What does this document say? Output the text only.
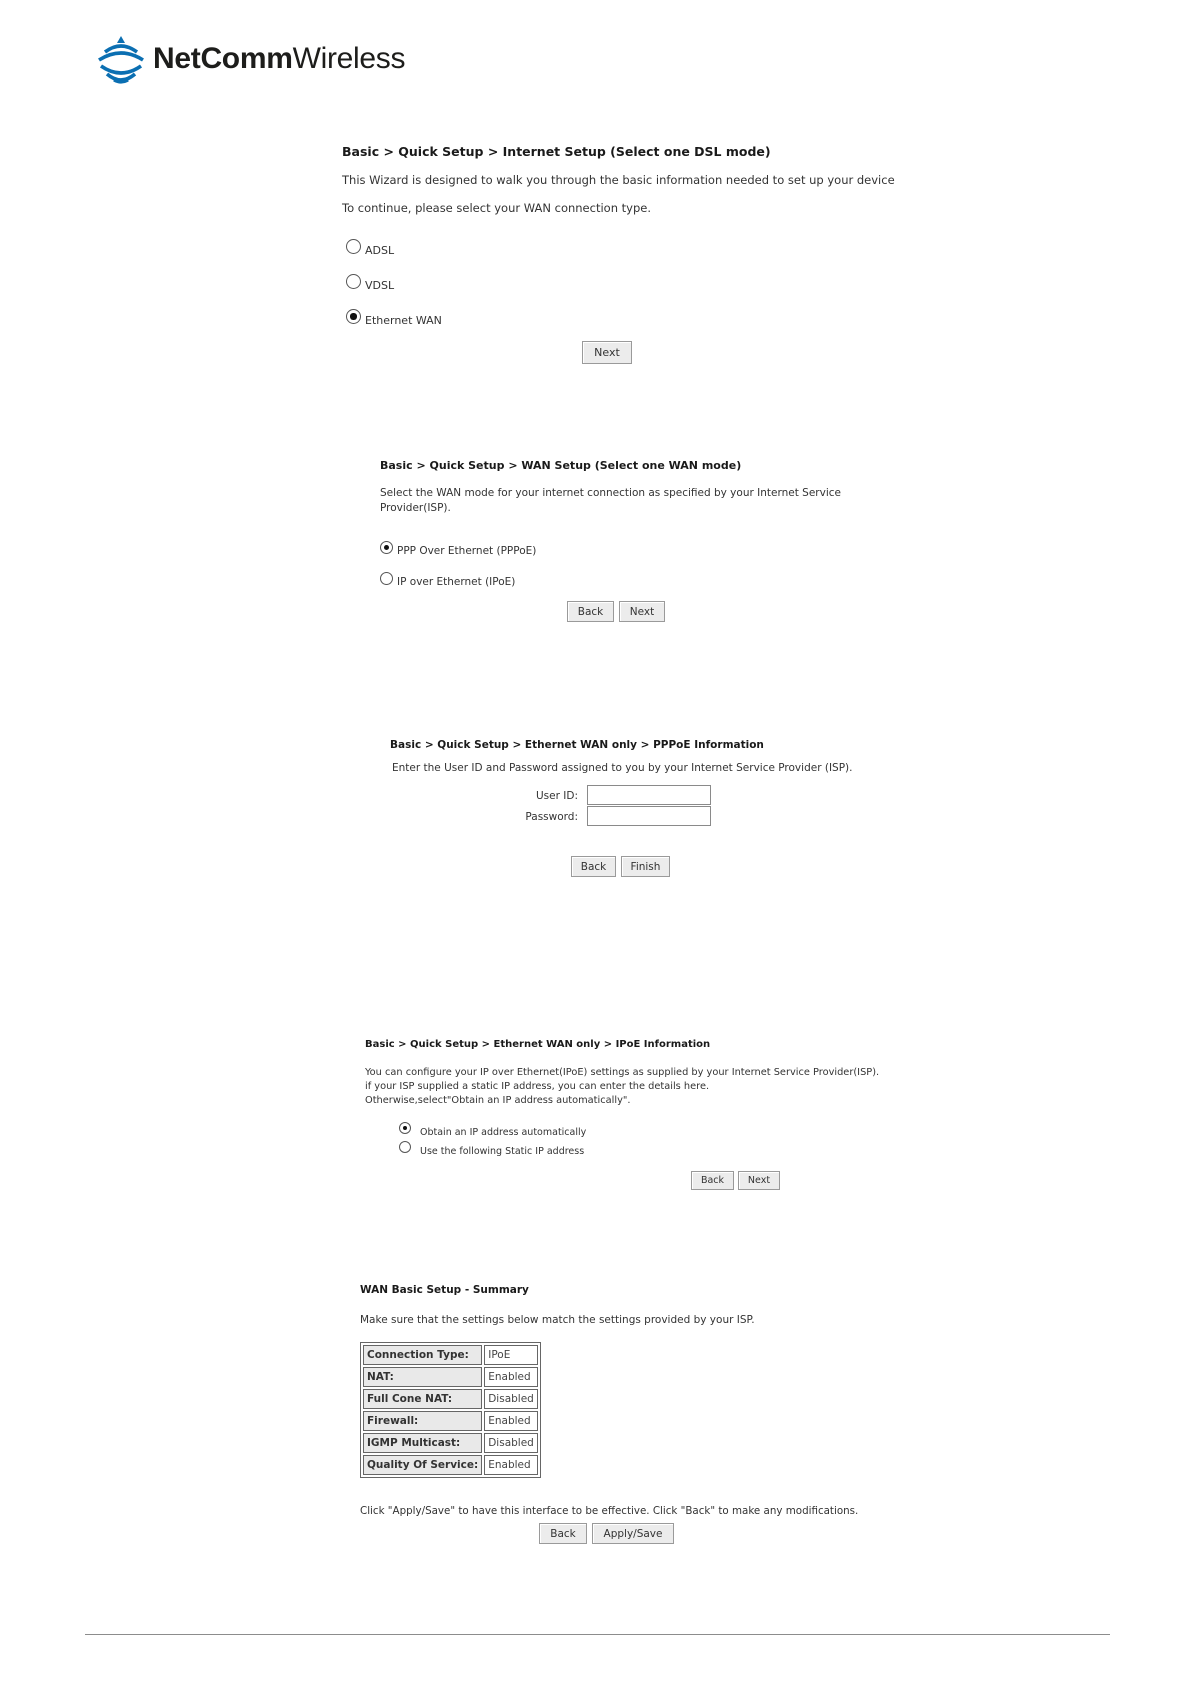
NetCommWireless
Basic > Quick Setup > Internet Setup (Select one DSL mode)
This Wizard is designed to walk you through the basic information needed to set up your device
To continue, please select your WAN connection type.
ADSL
VDSL
Ethernet WAN
Next
Basic > Quick Setup > WAN Setup (Select one WAN mode)
Select the WAN mode for your internet connection as specified by your Internet Service
Provider(ISP).
PPP Over Ethernet (PPPoE)
IP over Ethernet (IPoE)
Back	Next
Basic > Quick Setup > Ethernet WAN only > PPPoE Information
Enter the User ID and Password assigned to you by your Internet Service Provider (ISP).
User ID:
Password:
Back	Finish
Basic > Quick Setup > Ethernet WAN only > IPoE Information
You can configure your IP over Ethernet(IPoE) settings as supplied by your Internet Service Provider(ISP).
if your ISP supplied a static IP address, you can enter the details here.
Otherwise,select"Obtain an IP address automatically".
Obtain an IP address automatically
Use the following Static IP address
Back	Next
WAN Basic Setup - Summary
Make sure that the settings below match the settings provided by your ISP.
Connection Type:	IPoE
NAT:	Enabled
Full Cone NAT:	Disabled
Firewall:	Enabled
IGMP Multicast:	Disabled
Quality Of Service:	Enabled
Click "Apply/Save" to have this interface to be effective. Click "Back" to make any modifications.
Back	Apply/Save
